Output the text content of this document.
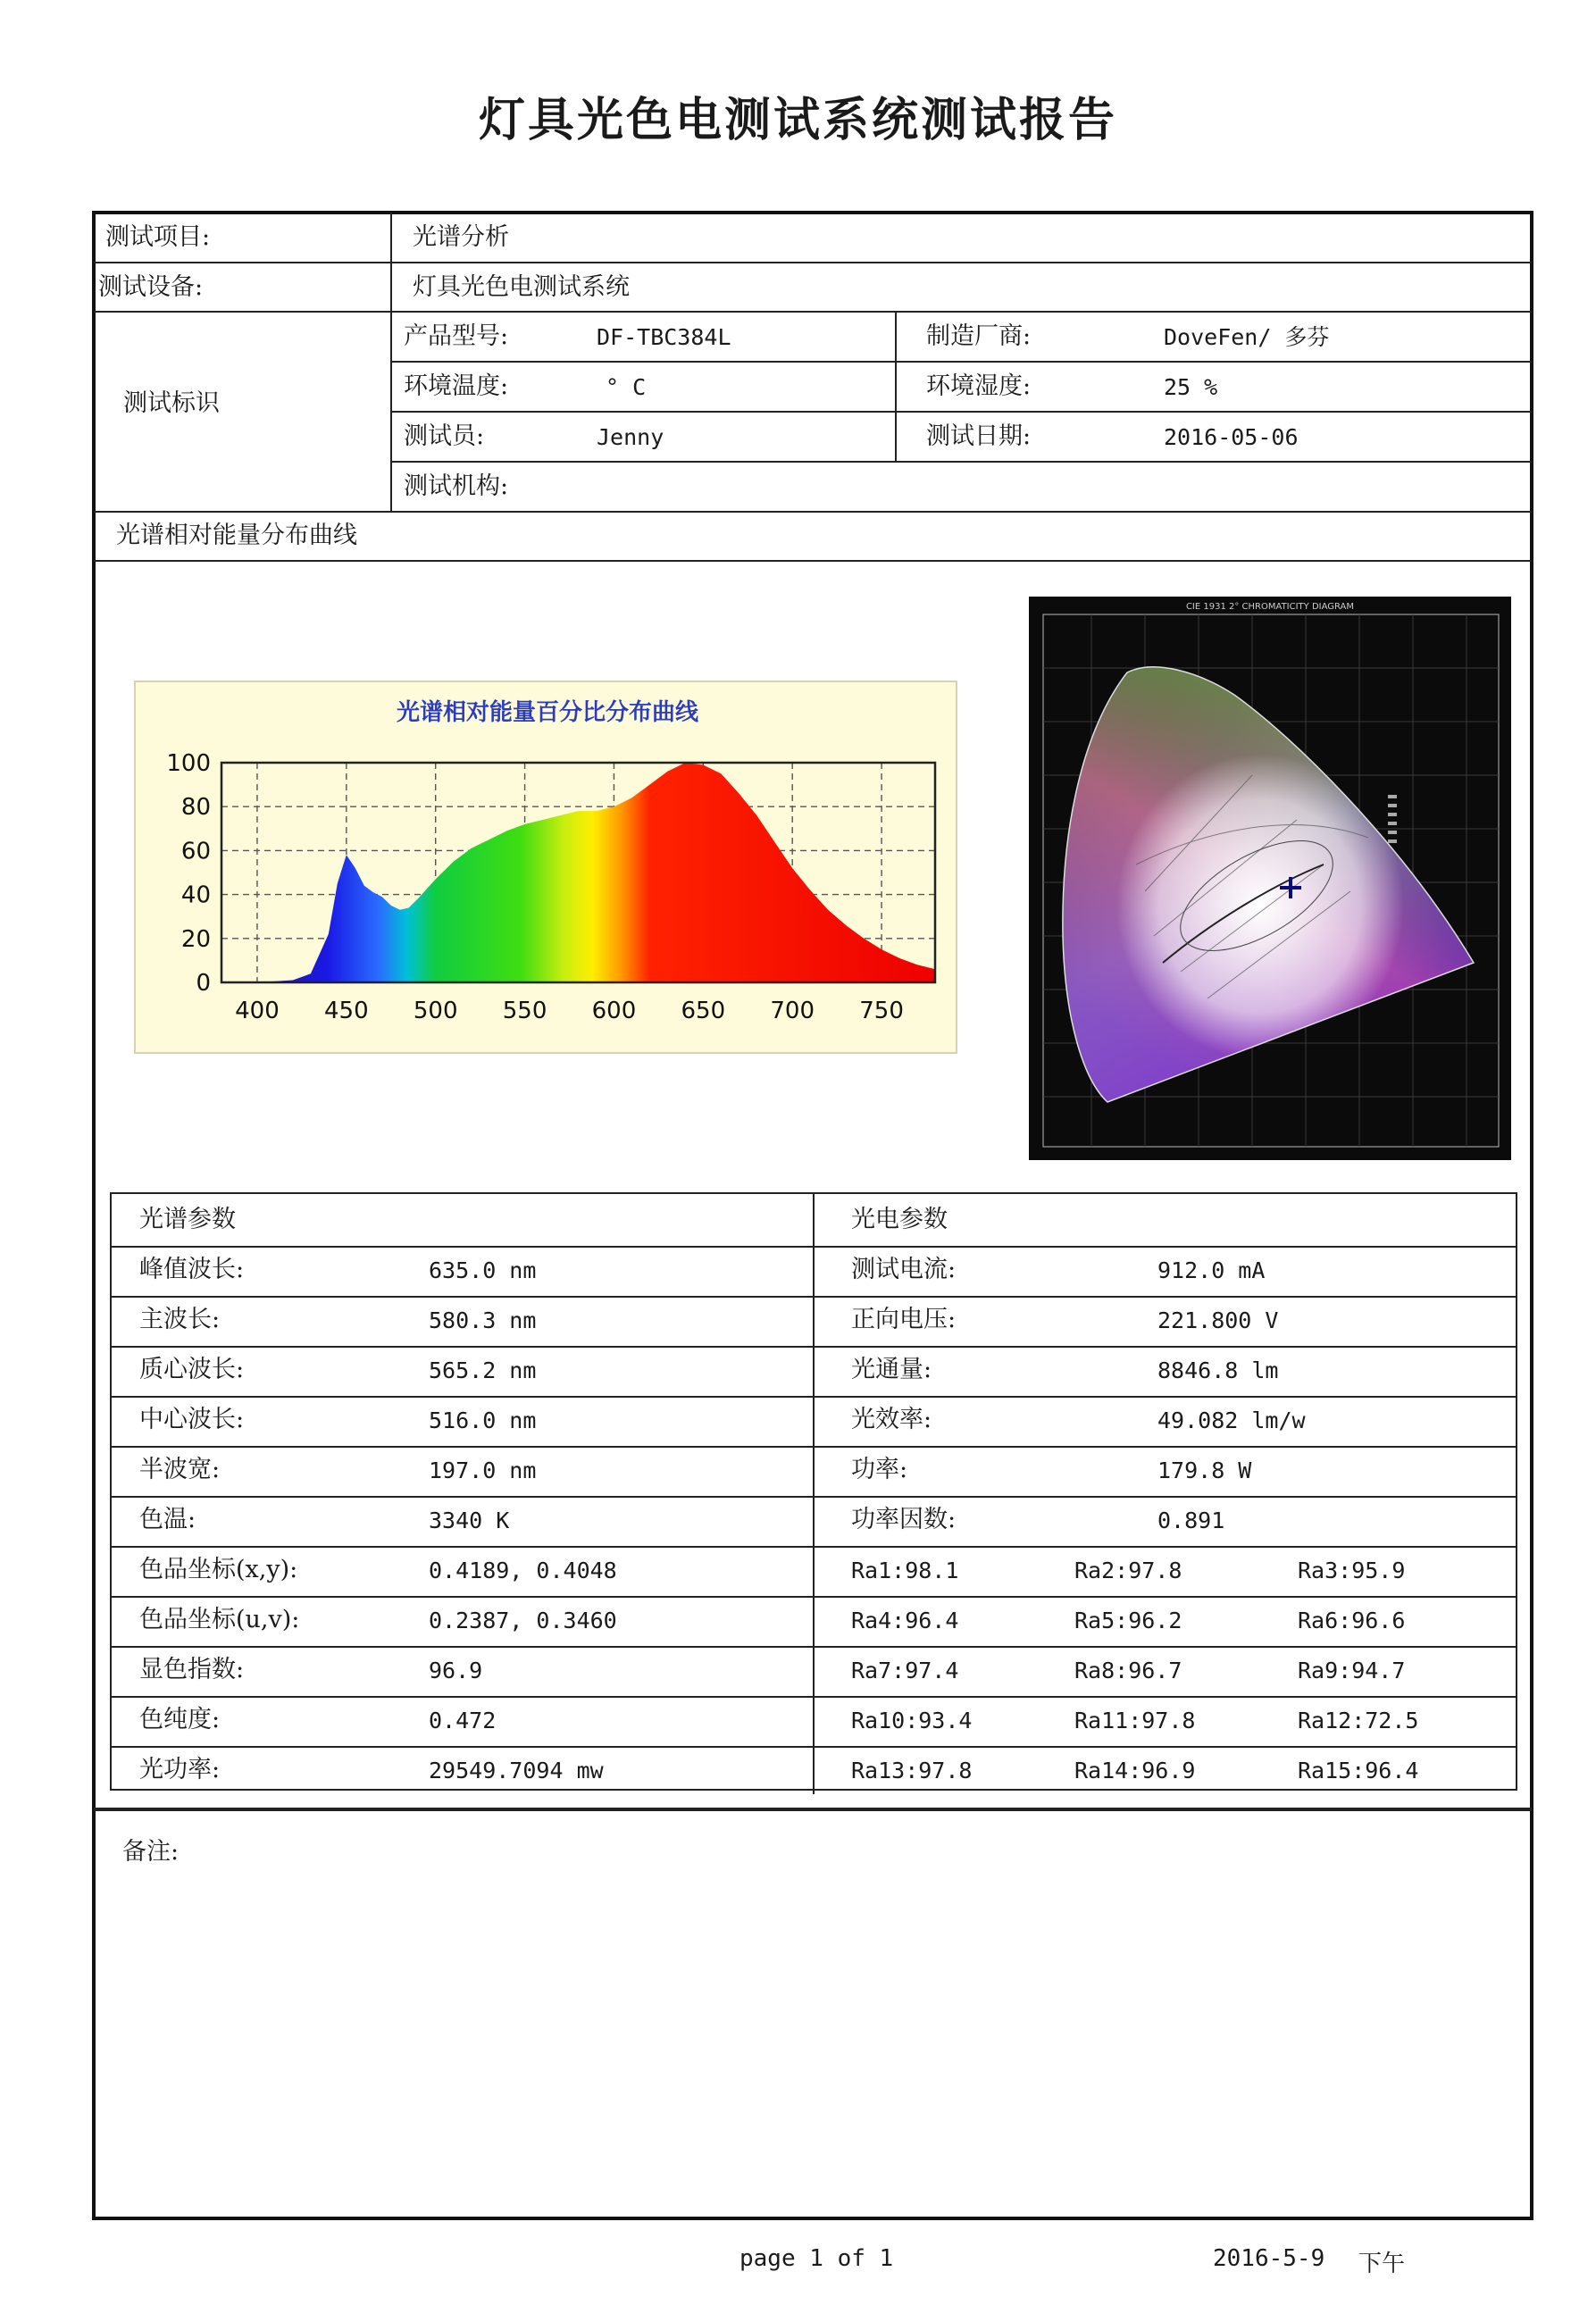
灯具光色电测试系统测试报告
测试项目:	光谱分析
测试设备:	灯具光色电测试系统
测试标识
产品型号:	DF-TBC384L	制造厂商:	DoveFen/ 多芬
环境温度:	° C	环境湿度:	25 %
测试员:	Jenny	测试日期:	2016-05-06
测试机构:
光谱相对能量分布曲线
400 450 500 550 600 650 700 750
0
20
40
60
80
100
光谱相对能量百分比分布曲线
CIE 1931 2° CHROMATICITY DIAGRAM
光谱参数	光电参数
峰值波长:	635.0 nm	测试电流:	912.0 mA
主波长:	580.3 nm	正向电压:	221.800 V
质心波长:	565.2 nm	光通量:	8846.8 lm
中心波长:	516.0 nm	光效率:	49.082 lm/w
半波宽:	197.0 nm	功率:	179.8 W
色温:	3340 K	功率因数:	0.891
色品坐标(x,y):	0.4189, 0.4048	Ra1:98.1	Ra2:97.8	Ra3:95.9
色品坐标(u,v):	0.2387, 0.3460	Ra4:96.4	Ra5:96.2	Ra6:96.6
显色指数:	96.9	Ra7:97.4	Ra8:96.7	Ra9:94.7
色纯度:	0.472	Ra10:93.4	Ra11:97.8	Ra12:72.5
光功率:	29549.7094 mw	Ra13:97.8	Ra14:96.9	Ra15:96.4
备注:
page 1 of 1	2016-5-9 下午
